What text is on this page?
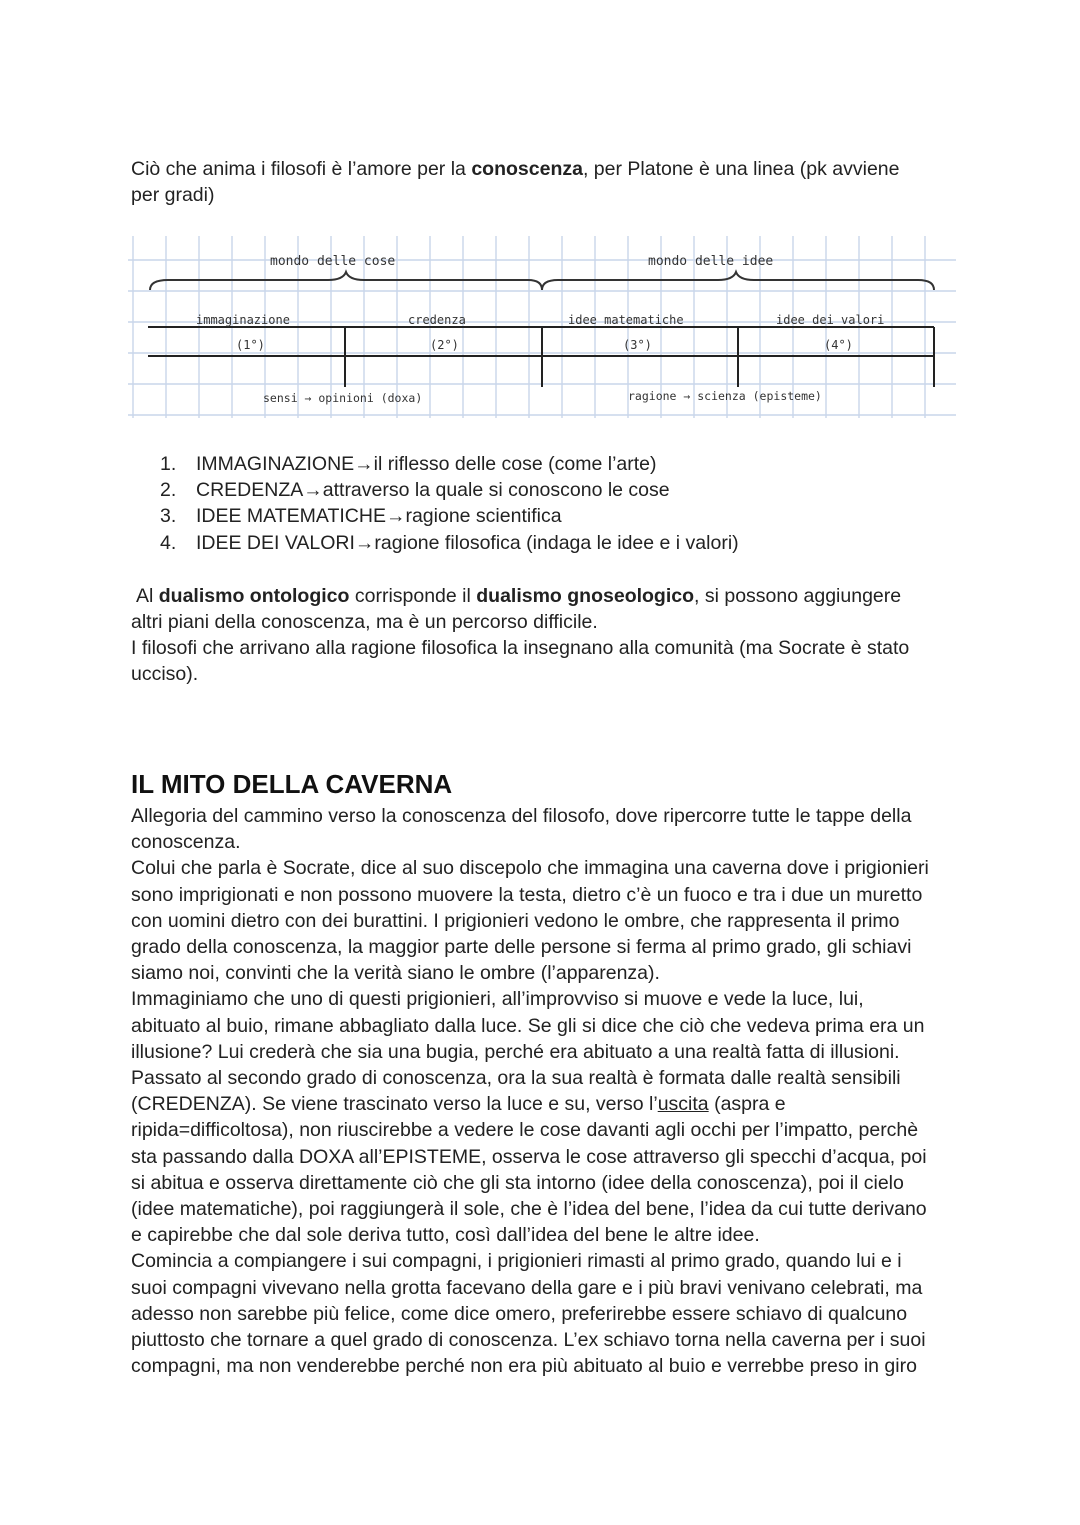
Ciò che anima i filosofi è l’amore per la conoscenza, per Platone è una linea (pk avviene
per gradi)

mondo delle cose	mondo delle idee
immaginazione
(1°)
credenza
(2°)
idee matematiche
(3°)
idee dei valori
(4°)
sensi → opinioni (doxa)	ragione → scienza (episteme)
1.	IMMAGINAZIONE→il riflesso delle cose (come l’arte)
2.	CREDENZA→attraverso la quale si conoscono le cose
3.	IDEE MATEMATICHE→ragione scientifica
4.	IDEE DEI VALORI→ragione filosofica (indaga le idee e i valori)

Al dualismo ontologico corrisponde il dualismo gnoseologico, si possono aggiungere
altri piani della conoscenza, ma è un percorso difficile.

I filosofi che arrivano alla ragione filosofica la insegnano alla comunità (ma Socrate è stato
ucciso).

IL MITO DELLA CAVERNA

Allegoria del cammino verso la conoscenza del filosofo, dove ripercorre tutte le tappe della
conoscenza.
Colui che parla è Socrate, dice al suo discepolo che immagina una caverna dove i prigionieri
sono imprigionati e non possono muovere la testa, dietro c’è un fuoco e tra i due un muretto
con uomini dietro con dei burattini. I prigionieri vedono le ombre, che rappresenta il primo
grado della conoscenza, la maggior parte delle persone si ferma al primo grado, gli schiavi
siamo noi, convinti che la verità siano le ombre (l’apparenza).
Immaginiamo che uno di questi prigionieri, all’improvviso si muove e vede la luce, lui,
abituato al buio, rimane abbagliato dalla luce. Se gli si dice che ciò che vedeva prima era un
illusione? Lui crederà che sia una bugia, perché era abituato a una realtà fatta di illusioni.
Passato al secondo grado di conoscenza, ora la sua realtà è formata dalle realtà sensibili
(CREDENZA). Se viene trascinato verso la luce e su, verso l’uscita (aspra e
ripida=difficoltosa), non riuscirebbe a vedere le cose davanti agli occhi per l’impatto, perchè
sta passando dalla DOXA all’EPISTEME, osserva le cose attraverso gli specchi d’acqua, poi
si abitua e osserva direttamente ciò che gli sta intorno (idee della conoscenza), poi il cielo
(idee matematiche), poi raggiungerà il sole, che è l’idea del bene, l’idea da cui tutte derivano
e capirebbe che dal sole deriva tutto, così dall’idea del bene le altre idee.
Comincia a compiangere i sui compagni, i prigionieri rimasti al primo grado, quando lui e i
suoi compagni vivevano nella grotta facevano della gare e i più bravi venivano celebrati, ma
adesso non sarebbe più felice, come dice omero, preferirebbe essere schiavo di qualcuno
piuttosto che tornare a quel grado di conoscenza. L’ex schiavo torna nella caverna per i suoi
compagni, ma non venderebbe perché non era più abituato al buio e verrebbe preso in giro
